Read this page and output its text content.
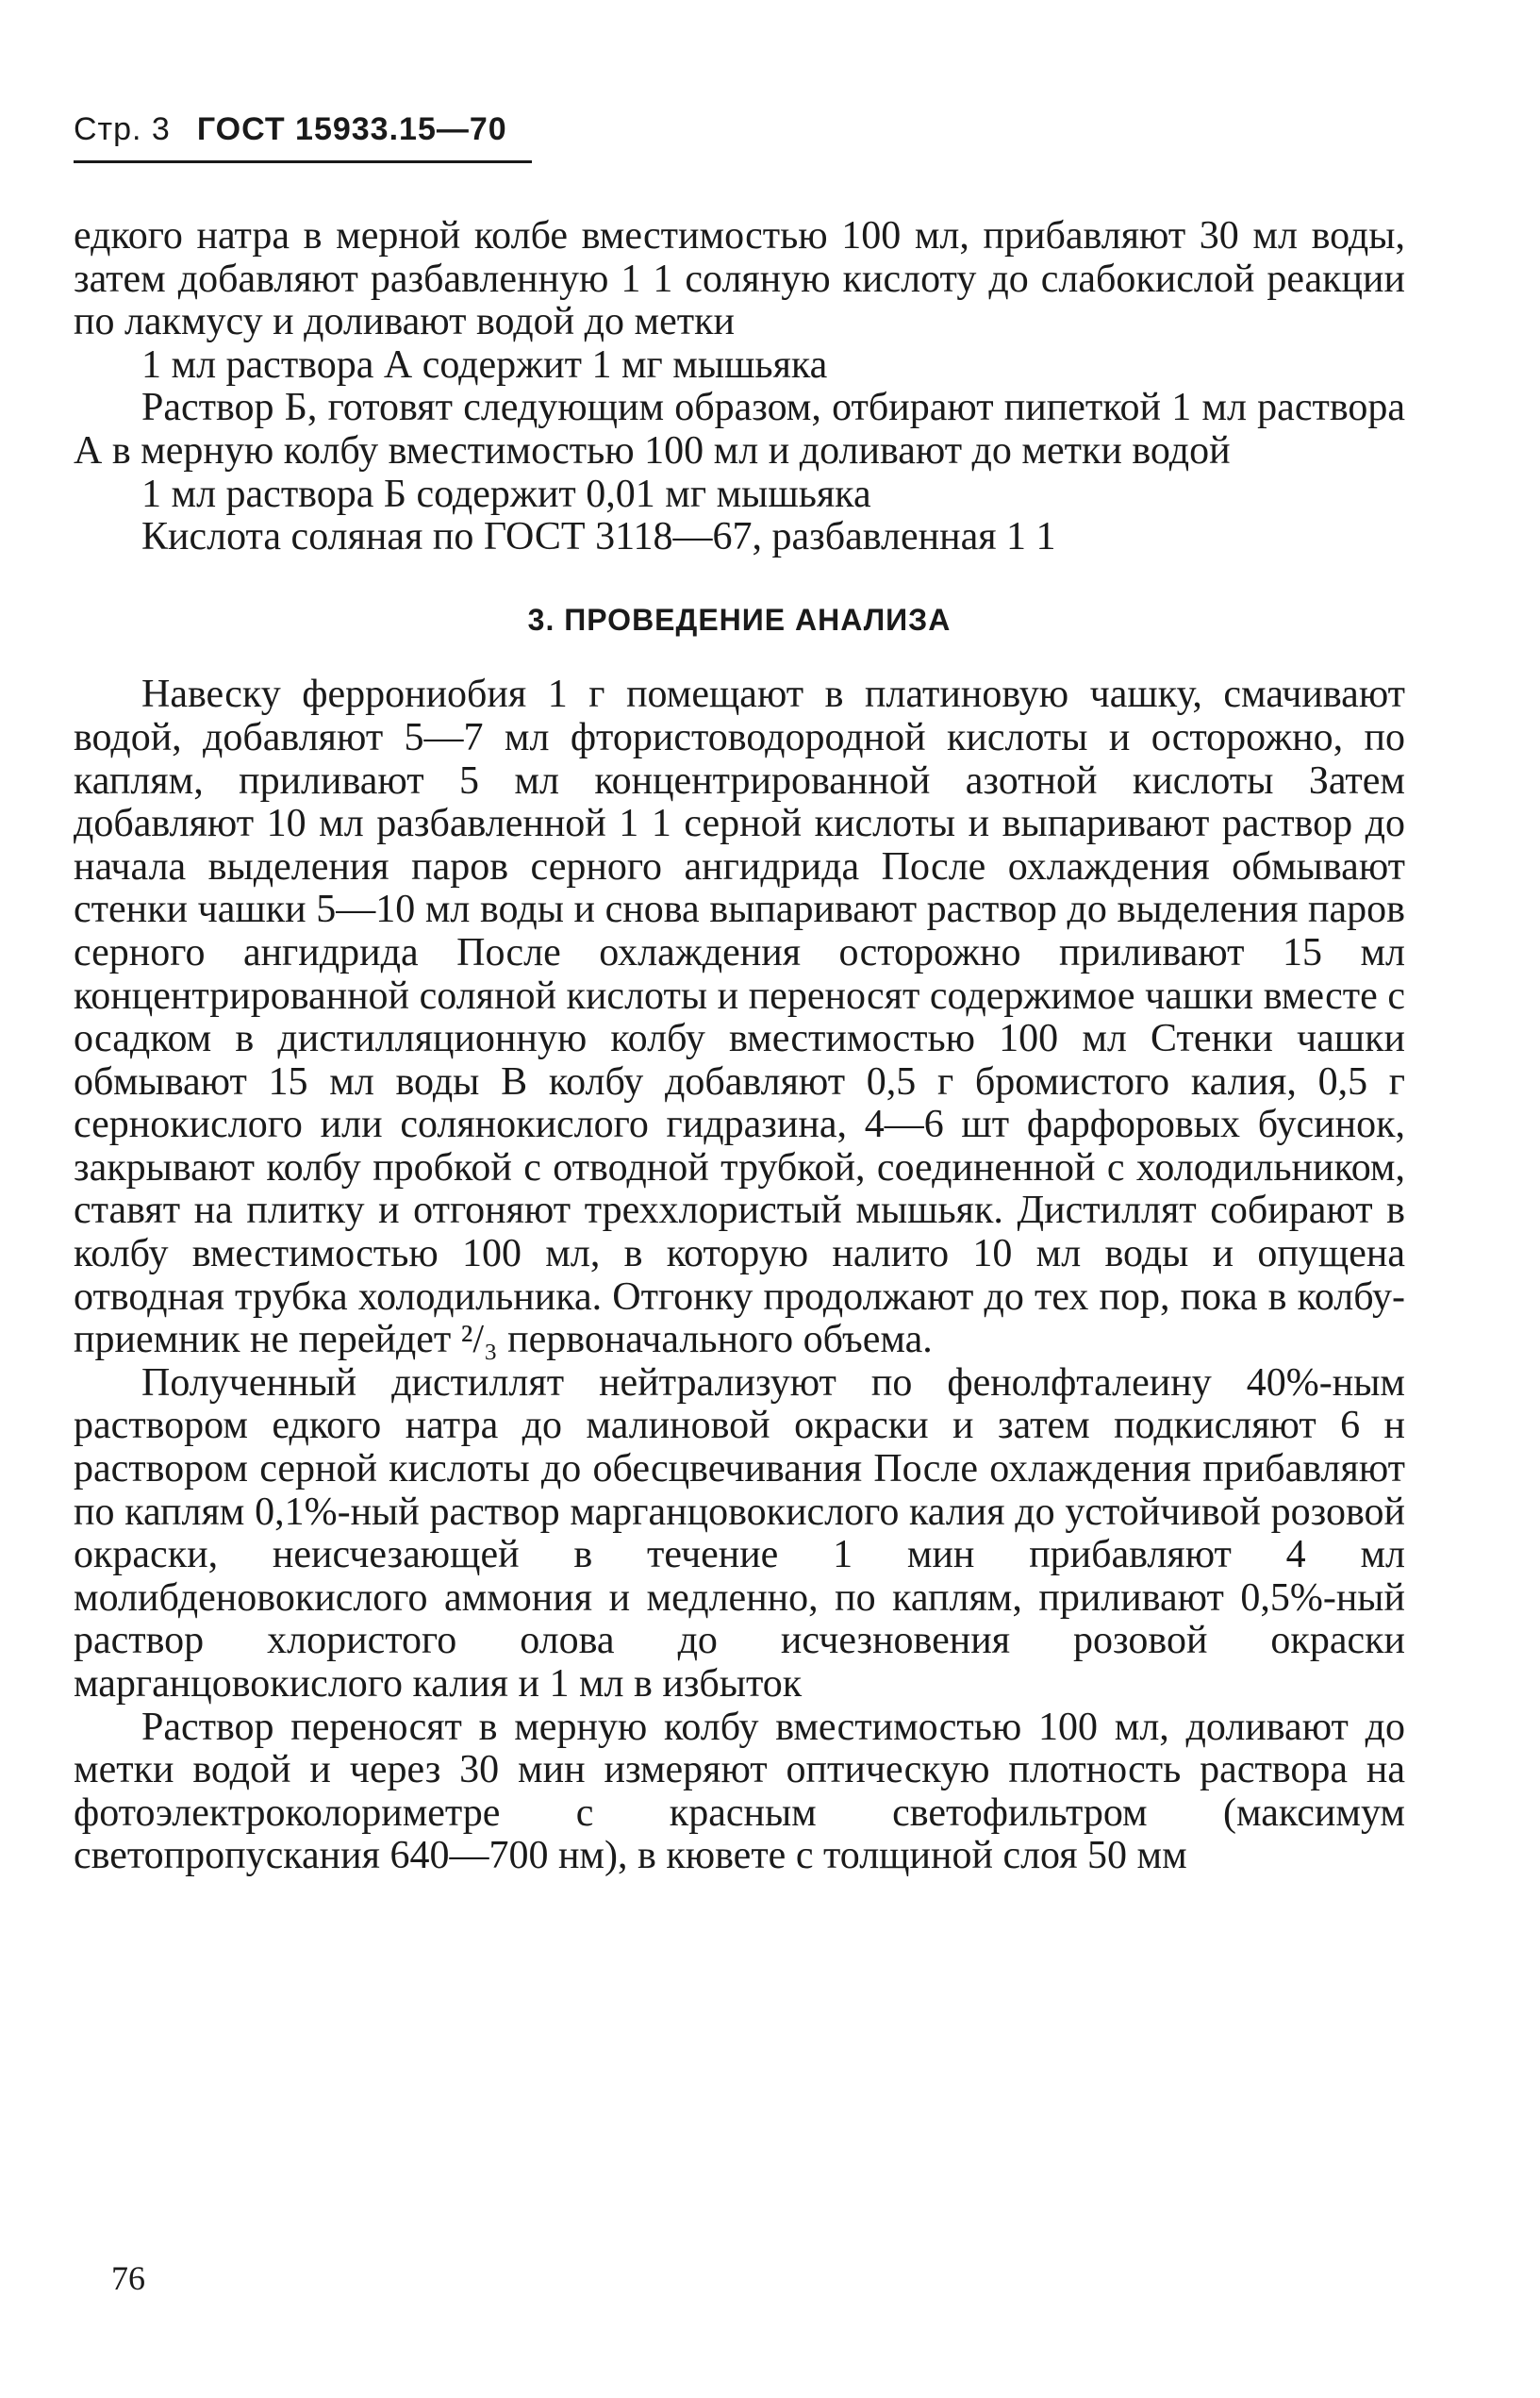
Стр. 3 ГОСТ 15933.15—70

едкого натра в мерной колбе вместимостью 100 мл, прибавляют 30 мл воды, затем добавляют разбавленную 1 1 соляную кислоту до слабокислой реакции по лакмусу и доливают водой до метки

1 мл раствора А содержит 1 мг мышьяка

Раствор Б, готовят следующим образом, отбирают пипеткой 1 мл раствора А в мерную колбу вместимостью 100 мл и доливают до метки водой

1 мл раствора Б содержит 0,01 мг мышьяка

Кислота соляная по ГОСТ 3118—67, разбавленная 1 1

3. ПРОВЕДЕНИЕ АНАЛИЗА

Навеску феррониобия 1 г помещают в платиновую чашку, смачивают водой, добавляют 5—7 мл фтористоводородной кислоты и осторожно, по каплям, приливают 5 мл концентрированной азотной кислоты Затем добавляют 10 мл разбавленной 1 1 серной кислоты и выпаривают раствор до начала выделения паров серного ангидрида После охлаждения обмывают стенки чашки 5—10 мл воды и снова выпаривают раствор до выделения паров серного ангидрида После охлаждения осторожно приливают 15 мл концентрированной соляной кислоты и переносят содержимое чашки вместе с осадком в дистилляционную колбу вместимостью 100 мл Стенки чашки обмывают 15 мл воды В колбу добавляют 0,5 г бромистого калия, 0,5 г сернокислого или солянокислого гидразина, 4—6 шт фарфоровых бусинок, закрывают колбу пробкой с отводной трубкой, соединенной с холодильником, ставят на плитку и отгоняют треххлористый мышьяк. Дистиллят собирают в колбу вместимостью 100 мл, в которую налито 10 мл воды и опущена отводная трубка холодильника. Отгонку продолжают до тех пор, пока в колбу-приемник не перейдет ²/₃ первоначального объема.

Полученный дистиллят нейтрализуют по фенолфталеину 40%-ным раствором едкого натра до малиновой окраски и затем подкисляют 6 н раствором серной кислоты до обесцвечивания После охлаждения прибавляют по каплям 0,1%-ный раствор марганцовокислого калия до устойчивой розовой окраски, неисчезающей в течение 1 мин прибавляют 4 мл молибденовокислого аммония и медленно, по каплям, приливают 0,5%-ный раствор хлористого олова до исчезновения розовой окраски марганцовокислого калия и 1 мл в избыток

Раствор переносят в мерную колбу вместимостью 100 мл, доливают до метки водой и через 30 мин измеряют оптическую плотность раствора на фотоэлектроколориметре с красным светофильтром (максимум светопропускания 640—700 нм), в кювете с толщиной слоя 50 мм

76
